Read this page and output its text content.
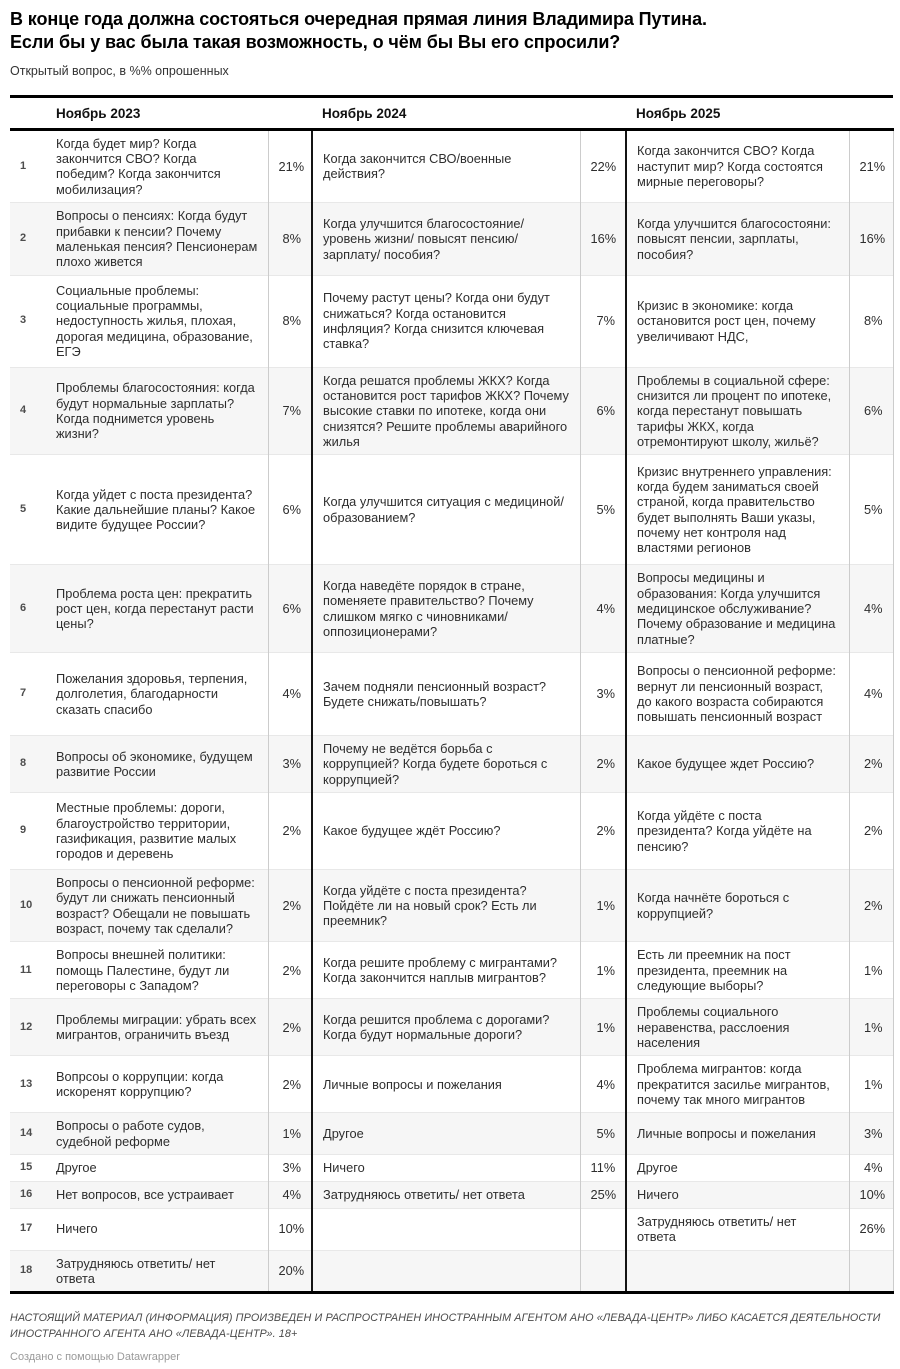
В конце года должна состояться очередная прямая линия Владимира Путина.
Если бы у вас была такая возможность, о чём бы Вы его спросили?
Открытый вопрос, в %% опрошенных
Ноябрь 2023			Ноябрь 2024		Ноябрь 2025	
1	Когда будет мир? Когда закончится СВО? Когда победим? Когда закончится мобилизация?	21%	Когда закончится СВО/военные действия?	22%	Когда закончится СВО? Когда наступит мир? Когда состоятся мирные переговоры?	21%
2	Вопросы о пенсиях: Когда будут прибавки к пенсии? Почему маленькая пенсия? Пенсионерам плохо живется	8%	Когда улучшится благосостояние/ уровень жизни/ повысят пенсию/ зарплату/ пособия?	16%	Когда улучшится благосостояни: повысят пенсии, зарплаты, пособия?	16%
3	Социальные проблемы: социальные программы, недоступность жилья, плохая, дорогая медицина, образование, ЕГЭ	8%	Почему растут цены? Когда они будут снижаться? Когда остановится инфляция? Когда снизится ключевая ставка?	7%	Кризис в экономике: когда остановится рост цен, почему увеличивают НДС,	8%
4	Проблемы благосостояния: когда будут нормальные зарплаты? Когда поднимется уровень жизни?	7%	Когда решатся проблемы ЖКХ? Когда остановится рост тарифов ЖКХ? Почему высокие ставки по ипотеке, когда они снизятся? Решите проблемы аварийного жилья	6%	Проблемы в социальной сфере: снизится ли процент по ипотеке, когда перестанут повышать тарифы ЖКХ, когда отремонтируют школу, жильё?	6%
5	Когда уйдет с поста президента? Какие дальнейшие планы? Какое видите будущее России?	6%	Когда улучшится ситуация с медициной/ образованием?	5%	Кризис внутреннего управления: когда будем заниматься своей страной, когда правительство будет выполнять Ваши указы, почему нет контроля над властями регионов	5%
6	Проблема роста цен: прекратить рост цен, когда перестанут расти цены?	6%	Когда наведёте порядок в стране, поменяете правительство? Почему слишком мягко с чиновниками/ оппозиционерами?	4%	Вопросы медицины и образования: Когда улучшится медицинское обслуживание? Почему образование и медицина платные?	4%
7	Пожелания здоровья, терпения, долголетия, благодарности сказать спасибо	4%	Зачем подняли пенсионный возраст? Будете снижать/повышать?	3%	Вопросы о пенсионной реформе: вернут ли пенсионный возраст, до какого возраста собираются повышать пенсионный возраст	4%
8	Вопросы об экономике, будущем развитие России	3%	Почему не ведётся борьба с коррупцией? Когда будете бороться с коррупцией?	2%	Какое будущее ждет Россию?	2%
9	Местные проблемы: дороги, благоустройство территории, газификация, развитие малых городов и деревень	2%	Какое будущее ждёт Россию?	2%	Когда уйдёте с поста президента? Когда уйдёте на пенсию?	2%
10	Вопросы о пенсионной реформе: будут ли снижать пенсионный возраст? Обещали не повышать возраст, почему так сделали?	2%	Когда уйдёте с поста президента? Пойдёте ли на новый срок? Есть ли преемник?	1%	Когда начнёте бороться с коррупцией?	2%
11	Вопросы внешней политики: помощь Палестине, будут ли переговоры с Западом?	2%	Когда решите проблему с мигрантами? Когда закончится наплыв мигрантов?	1%	Есть ли преемник на пост президента, преемник на следующие выборы?	1%
12	Проблемы миграции: убрать всех мигрантов, ограничить въезд	2%	Когда решится проблема с дорогами? Когда будут нормальные дороги?	1%	Проблемы социального неравенства, расслоения населения	1%
13	Вопрсоы о коррупции: когда искоренят коррупцию?	2%	Личные вопросы и пожелания	4%	Проблема мигрантов: когда прекратится засилье мигрантов, почему так много мигрантов	1%
14	Вопросы о работе судов, судебной реформе	1%	Другое	5%	Личные вопросы и пожелания	3%
15	Другое	3%	Ничего	11%	Другое	4%
16	Нет вопросов, все устраивает	4%	Затрудняюсь ответить/ нет ответа	25%	Ничего	10%
17	Ничего	10%			Затрудняюсь ответить/ нет ответа	26%
18	Затрудняюсь ответить/ нет ответа	20%				
НАСТОЯЩИЙ МАТЕРИАЛ (ИНФОРМАЦИЯ) ПРОИЗВЕДЕН И РАСПРОСТРАНЕН ИНОСТРАННЫМ АГЕНТОМ АНО «ЛЕВАДА-ЦЕНТР» ЛИБО КАСАЕТСЯ ДЕЯТЕЛЬНОСТИ ИНОСТРАННОГО АГЕНТА АНО «ЛЕВАДА-ЦЕНТР». 18+
Создано с помощью Datawrapper
